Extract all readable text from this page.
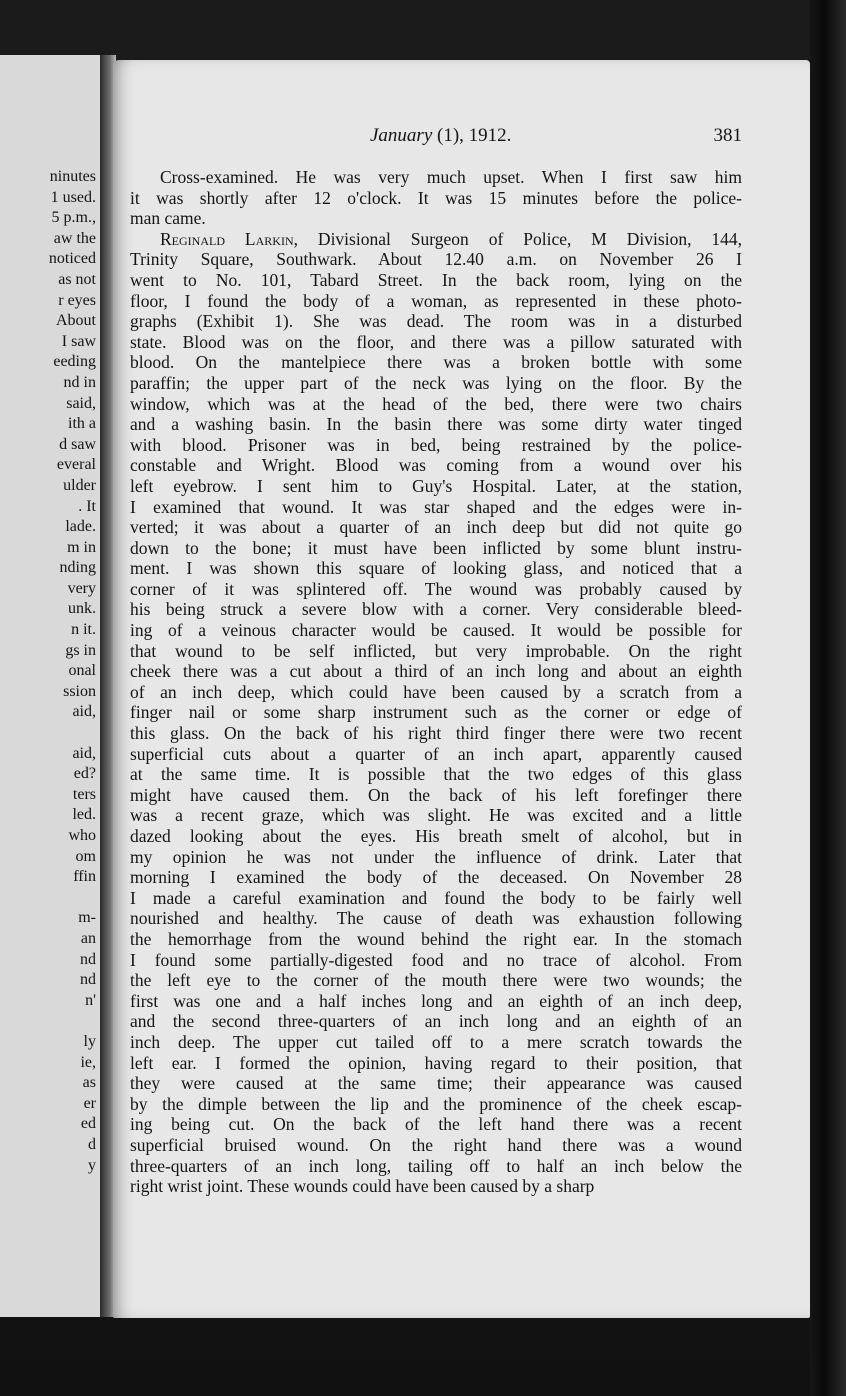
ninutes
1 used.
5 p.m.,
aw the
noticed
as not
r eyes
About
I saw
eeding
nd in
said,
ith a
d saw
everal
ulder
. It
lade.
m in
nding
very
unk.
n it.
gs in
onal
ssion
aid,
aid,
ed?
ters
led.
who
om
ffin
m-
an
nd
nd
n'
ly
ie,
as
er
ed
d
y
January (1), 1912.	381
Cross-examined. He was very much upset. When I first saw him
it was shortly after 12 o'clock. It was 15 minutes before the police-
man came.
Reginald Larkin, Divisional Surgeon of Police, M Division, 144,
Trinity Square, Southwark. About 12.40 a.m. on November 26 I
went to No. 101, Tabard Street. In the back room, lying on the
floor, I found the body of a woman, as represented in these photo-
graphs (Exhibit 1). She was dead. The room was in a disturbed
state. Blood was on the floor, and there was a pillow saturated with
blood. On the mantelpiece there was a broken bottle with some
paraffin; the upper part of the neck was lying on the floor. By the
window, which was at the head of the bed, there were two chairs
and a washing basin. In the basin there was some dirty water tinged
with blood. Prisoner was in bed, being restrained by the police-
constable and Wright. Blood was coming from a wound over his
left eyebrow. I sent him to Guy's Hospital. Later, at the station,
I examined that wound. It was star shaped and the edges were in-
verted; it was about a quarter of an inch deep but did not quite go
down to the bone; it must have been inflicted by some blunt instru-
ment. I was shown this square of looking glass, and noticed that a
corner of it was splintered off. The wound was probably caused by
his being struck a severe blow with a corner. Very considerable bleed-
ing of a veinous character would be caused. It would be possible for
that wound to be self inflicted, but very improbable. On the right
cheek there was a cut about a third of an inch long and about an eighth
of an inch deep, which could have been caused by a scratch from a
finger nail or some sharp instrument such as the corner or edge of
this glass. On the back of his right third finger there were two recent
superficial cuts about a quarter of an inch apart, apparently caused
at the same time. It is possible that the two edges of this glass
might have caused them. On the back of his left forefinger there
was a recent graze, which was slight. He was excited and a little
dazed looking about the eyes. His breath smelt of alcohol, but in
my opinion he was not under the influence of drink. Later that
morning I examined the body of the deceased. On November 28
I made a careful examination and found the body to be fairly well
nourished and healthy. The cause of death was exhaustion following
the hemorrhage from the wound behind the right ear. In the stomach
I found some partially-digested food and no trace of alcohol. From
the left eye to the corner of the mouth there were two wounds; the
first was one and a half inches long and an eighth of an inch deep,
and the second three-quarters of an inch long and an eighth of an
inch deep. The upper cut tailed off to a mere scratch towards the
left ear. I formed the opinion, having regard to their position, that
they were caused at the same time; their appearance was caused
by the dimple between the lip and the prominence of the cheek escap-
ing being cut. On the back of the left hand there was a recent
superficial bruised wound. On the right hand there was a wound
three-quarters of an inch long, tailing off to half an inch below the
right wrist joint. These wounds could have been caused by a sharp
